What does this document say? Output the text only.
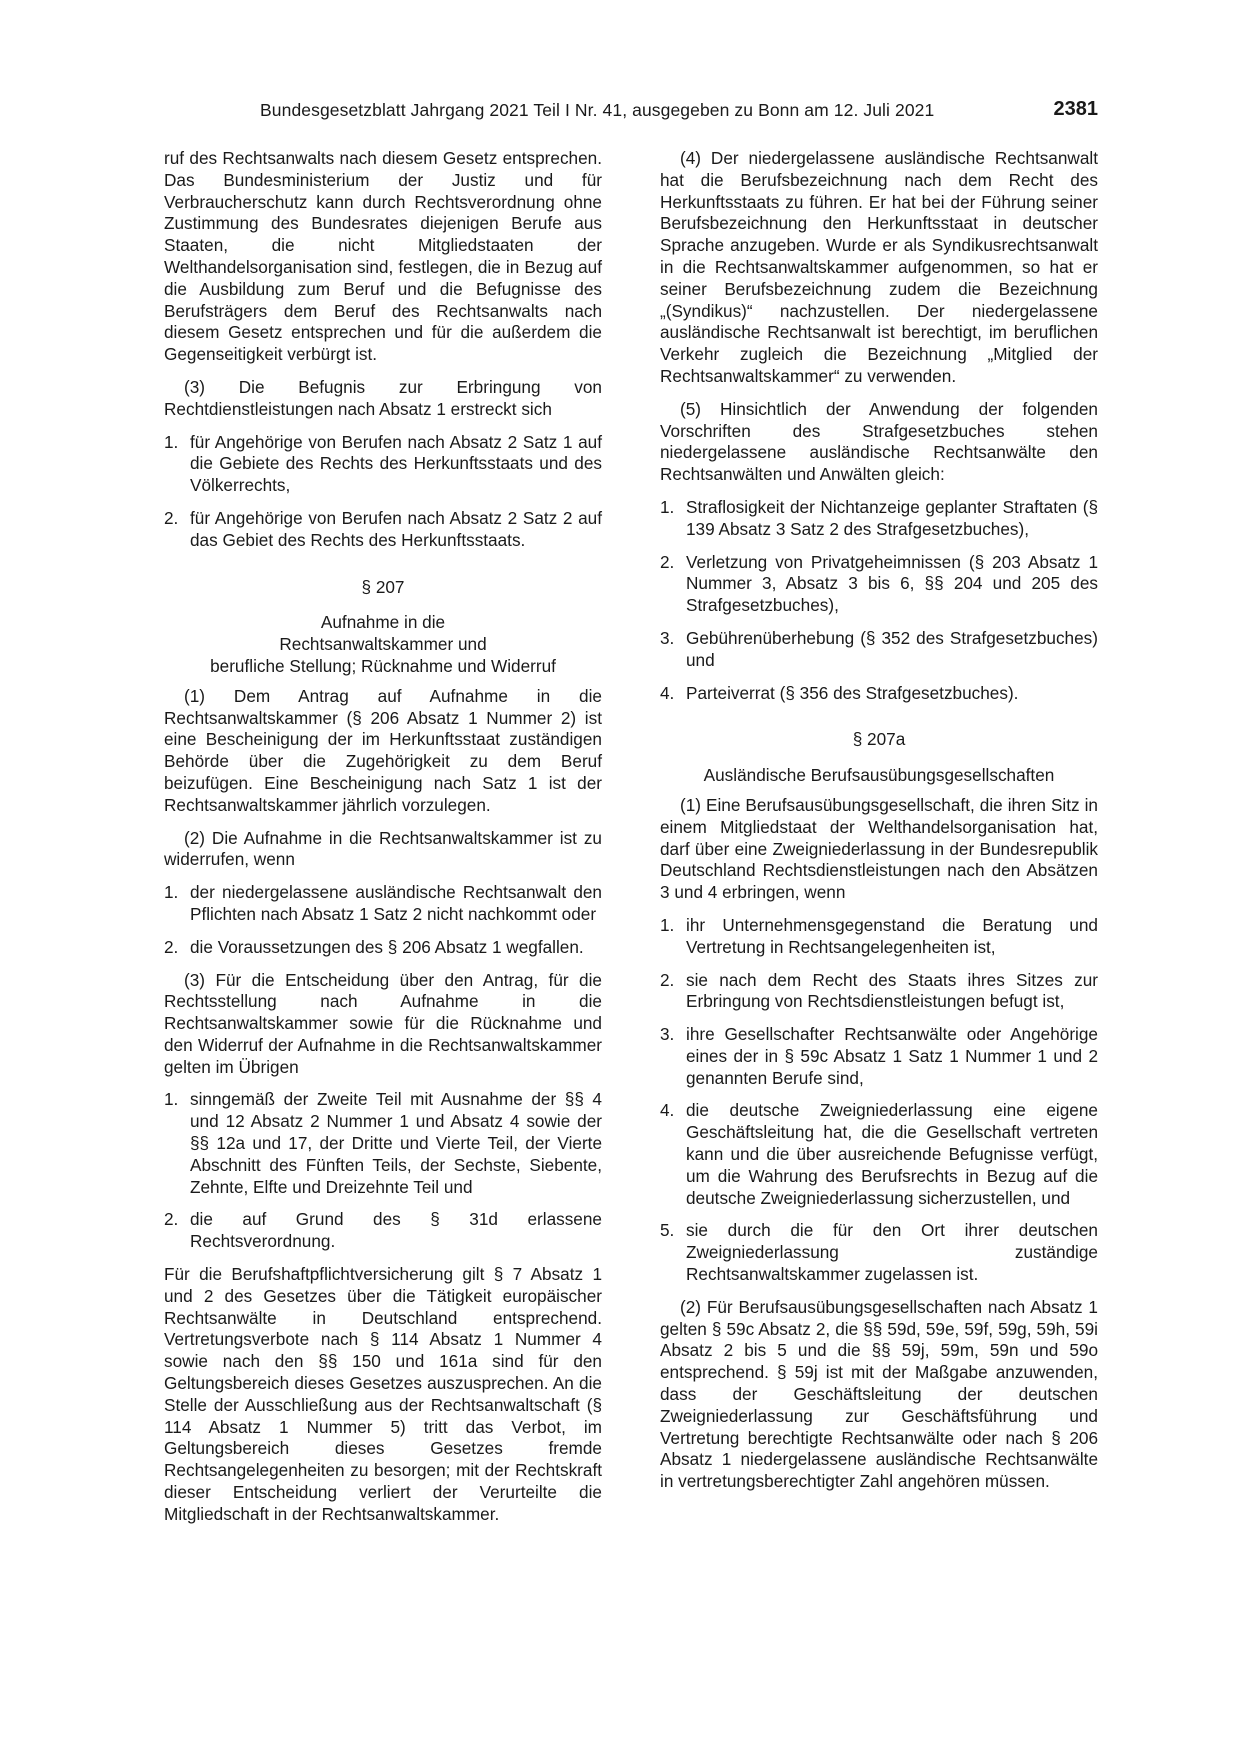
Bundesgesetzblatt Jahrgang 2021 Teil I Nr. 41, ausgegeben zu Bonn am 12. Juli 2021	2381

ruf des Rechtsanwalts nach diesem Gesetz entsprechen. Das Bundesministerium der Justiz und für Verbraucherschutz kann durch Rechtsverordnung ohne Zustimmung des Bundesrates diejenigen Berufe aus Staaten, die nicht Mitgliedstaaten der Welthandelsorganisation sind, festlegen, die in Bezug auf die Ausbildung zum Beruf und die Befugnisse des Berufsträgers dem Beruf des Rechtsanwalts nach diesem Gesetz entsprechen und für die außerdem die Gegenseitigkeit verbürgt ist.

(3) Die Befugnis zur Erbringung von Rechtdienstleistungen nach Absatz 1 erstreckt sich

1. für Angehörige von Berufen nach Absatz 2 Satz 1 auf die Gebiete des Rechts des Herkunftsstaats und des Völkerrechts,
2. für Angehörige von Berufen nach Absatz 2 Satz 2 auf das Gebiet des Rechts des Herkunftsstaats.
§ 207
Aufnahme in die
Rechtsanwaltskammer und
berufliche Stellung; Rücknahme und Widerruf

(1) Dem Antrag auf Aufnahme in die Rechtsanwaltskammer (§ 206 Absatz 1 Nummer 2) ist eine Bescheinigung der im Herkunftsstaat zuständigen Behörde über die Zugehörigkeit zu dem Beruf beizufügen. Eine Bescheinigung nach Satz 1 ist der Rechtsanwaltskammer jährlich vorzulegen.

(2) Die Aufnahme in die Rechtsanwaltskammer ist zu widerrufen, wenn

1. der niedergelassene ausländische Rechtsanwalt den Pflichten nach Absatz 1 Satz 2 nicht nachkommt oder
2. die Voraussetzungen des § 206 Absatz 1 wegfallen.

(3) Für die Entscheidung über den Antrag, für die Rechtsstellung nach Aufnahme in die Rechtsanwaltskammer sowie für die Rücknahme und den Widerruf der Aufnahme in die Rechtsanwaltskammer gelten im Übrigen

1. sinngemäß der Zweite Teil mit Ausnahme der §§ 4 und 12 Absatz 2 Nummer 1 und Absatz 4 sowie der §§ 12a und 17, der Dritte und Vierte Teil, der Vierte Abschnitt des Fünften Teils, der Sechste, Siebente, Zehnte, Elfte und Dreizehnte Teil und
2. die auf Grund des § 31d erlassene Rechtsverordnung.

Für die Berufshaftpflichtversicherung gilt § 7 Absatz 1 und 2 des Gesetzes über die Tätigkeit europäischer Rechtsanwälte in Deutschland entsprechend. Vertretungsverbote nach § 114 Absatz 1 Nummer 4 sowie nach den §§ 150 und 161a sind für den Geltungsbereich dieses Gesetzes auszusprechen. An die Stelle der Ausschließung aus der Rechtsanwaltschaft (§ 114 Absatz 1 Nummer 5) tritt das Verbot, im Geltungsbereich dieses Gesetzes fremde Rechtsangelegenheiten zu besorgen; mit der Rechtskraft dieser Entscheidung verliert der Verurteilte die Mitgliedschaft in der Rechtsanwaltskammer.

(4) Der niedergelassene ausländische Rechtsanwalt hat die Berufsbezeichnung nach dem Recht des Herkunftsstaats zu führen. Er hat bei der Führung seiner Berufsbezeichnung den Herkunftsstaat in deutscher Sprache anzugeben. Wurde er als Syndikusrechtsanwalt in die Rechtsanwaltskammer aufgenommen, so hat er seiner Berufsbezeichnung zudem die Bezeichnung „(Syndikus)“ nachzustellen. Der niedergelassene ausländische Rechtsanwalt ist berechtigt, im beruflichen Verkehr zugleich die Bezeichnung „Mitglied der Rechtsanwaltskammer“ zu verwenden.

(5) Hinsichtlich der Anwendung der folgenden Vorschriften des Strafgesetzbuches stehen niedergelassene ausländische Rechtsanwälte den Rechtsanwälten und Anwälten gleich:

1. Straflosigkeit der Nichtanzeige geplanter Straftaten (§ 139 Absatz 3 Satz 2 des Strafgesetzbuches),
2. Verletzung von Privatgeheimnissen (§ 203 Absatz 1 Nummer 3, Absatz 3 bis 6, §§ 204 und 205 des Strafgesetzbuches),
3. Gebührenüberhebung (§ 352 des Strafgesetzbuches) und
4. Parteiverrat (§ 356 des Strafgesetzbuches).
§ 207a
Ausländische Berufsausübungsgesellschaften

(1) Eine Berufsausübungsgesellschaft, die ihren Sitz in einem Mitgliedstaat der Welthandelsorganisation hat, darf über eine Zweigniederlassung in der Bundesrepublik Deutschland Rechtsdienstleistungen nach den Absätzen 3 und 4 erbringen, wenn

1. ihr Unternehmensgegenstand die Beratung und Vertretung in Rechtsangelegenheiten ist,
2. sie nach dem Recht des Staats ihres Sitzes zur Erbringung von Rechtsdienstleistungen befugt ist,
3. ihre Gesellschafter Rechtsanwälte oder Angehörige eines der in § 59c Absatz 1 Satz 1 Nummer 1 und 2 genannten Berufe sind,
4. die deutsche Zweigniederlassung eine eigene Geschäftsleitung hat, die die Gesellschaft vertreten kann und die über ausreichende Befugnisse verfügt, um die Wahrung des Berufsrechts in Bezug auf die deutsche Zweigniederlassung sicherzustellen, und
5. sie durch die für den Ort ihrer deutschen Zweigniederlassung zuständige Rechtsanwaltskammer zugelassen ist.

(2) Für Berufsausübungsgesellschaften nach Absatz 1 gelten § 59c Absatz 2, die §§ 59d, 59e, 59f, 59g, 59h, 59i Absatz 2 bis 5 und die §§ 59j, 59m, 59n und 59o entsprechend. § 59j ist mit der Maßgabe anzuwenden, dass der Geschäftsleitung der deutschen Zweigniederlassung zur Geschäftsführung und Vertretung berechtigte Rechtsanwälte oder nach § 206 Absatz 1 niedergelassene ausländische Rechtsanwälte in vertretungsberechtigter Zahl angehören müssen.
